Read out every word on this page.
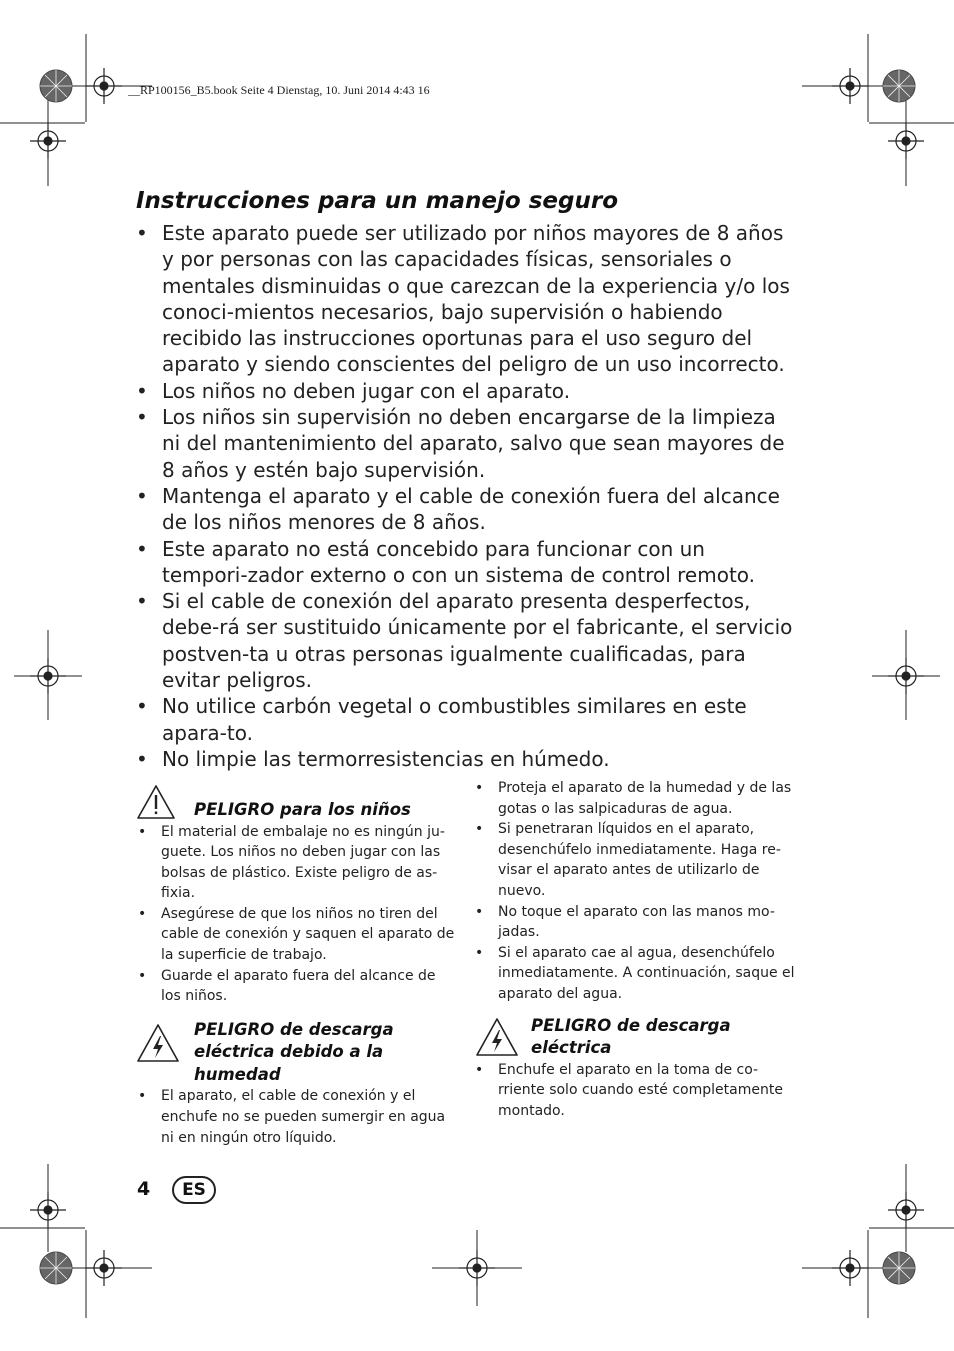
__RP100156_B5.book Seite 4 Dienstag, 10. Juni 2014 4:43 16
Instrucciones para un manejo seguro
• Este aparato puede ser utilizado por niños mayores de 8 años y por personas con las capacidades físicas, sensoriales o mentales disminuidas o que carezcan de la experiencia y/o los conoci-mientos necesarios, bajo supervisión o habiendo recibido las instrucciones oportunas para el uso seguro del aparato y siendo conscientes del peligro de un uso incorrecto.
• Los niños no deben jugar con el aparato.
• Los niños sin supervisión no deben encargarse de la limpieza ni del mantenimiento del aparato, salvo que sean mayores de 8 años y estén bajo supervisión.
• Mantenga el aparato y el cable de conexión fuera del alcance de los niños menores de 8 años.
• Este aparato no está concebido para funcionar con un tempori-zador externo o con un sistema de control remoto.
• Si el cable de conexión del aparato presenta desperfectos, debe-rá ser sustituido únicamente por el fabricante, el servicio postven-ta u otras personas igualmente cualificadas, para evitar peligros.
• No utilice carbón vegetal o combustibles similares en este apara-to.
• No limpie las termorresistencias en húmedo.
PELIGRO para los niños
• El material de embalaje no es ningún ju-guete. Los niños no deben jugar con las bolsas de plástico. Existe peligro de as-fixia.
• Asegúrese de que los niños no tiren del cable de conexión y saquen el aparato de la superficie de trabajo.
• Guarde el aparato fuera del alcance de los niños.
PELIGRO de descarga eléctrica debido a la humedad
• El aparato, el cable de conexión y el enchufe no se pueden sumergir en agua ni en ningún otro líquido.
• Proteja el aparato de la humedad y de las gotas o las salpicaduras de agua.
• Si penetraran líquidos en el aparato, desenchúfelo inmediatamente. Haga re-visar el aparato antes de utilizarlo de nuevo.
• No toque el aparato con las manos mo-jadas.
• Si el aparato cae al agua, desenchúfelo inmediatamente. A continuación, saque el aparato del agua.
PELIGRO de descarga eléctrica
• Enchufe el aparato en la toma de co-rriente solo cuando esté completamente montado.
4	ES
